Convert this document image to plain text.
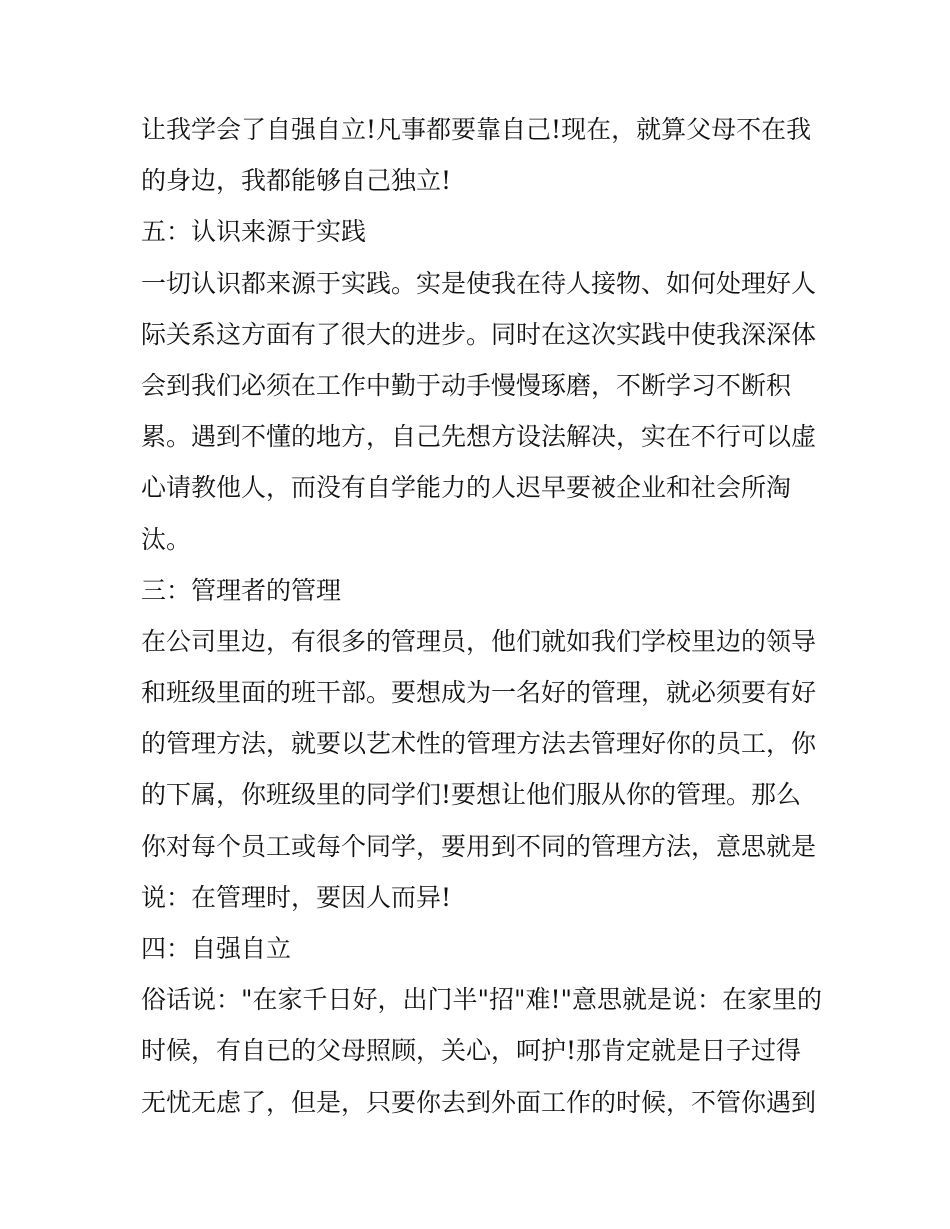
让我学会了自强自立!凡事都要靠自己!现在，就算父母不在我
的身边，我都能够自己独立!
五：认识来源于实践
一切认识都来源于实践。实是使我在待人接物、如何处理好人
际关系这方面有了很大的进步。同时在这次实践中使我深深体
会到我们必须在工作中勤于动手慢慢琢磨，不断学习不断积
累。遇到不懂的地方，自己先想方设法解决，实在不行可以虚
心请教他人，而没有自学能力的人迟早要被企业和社会所淘
汰。
三：管理者的管理
在公司里边，有很多的管理员，他们就如我们学校里边的领导
和班级里面的班干部。要想成为一名好的管理，就必须要有好
的管理方法，就要以艺术性的管理方法去管理好你的员工，你
的下属，你班级里的同学们!要想让他们服从你的管理。那么
你对每个员工或每个同学，要用到不同的管理方法，意思就是
说：在管理时，要因人而异!
四：自强自立
俗话说："在家千日好，出门半"招"难!"意思就是说：在家里的
时候，有自已的父母照顾，关心，呵护!那肯定就是日子过得
无忧无虑了，但是，只要你去到外面工作的时候，不管你遇到
